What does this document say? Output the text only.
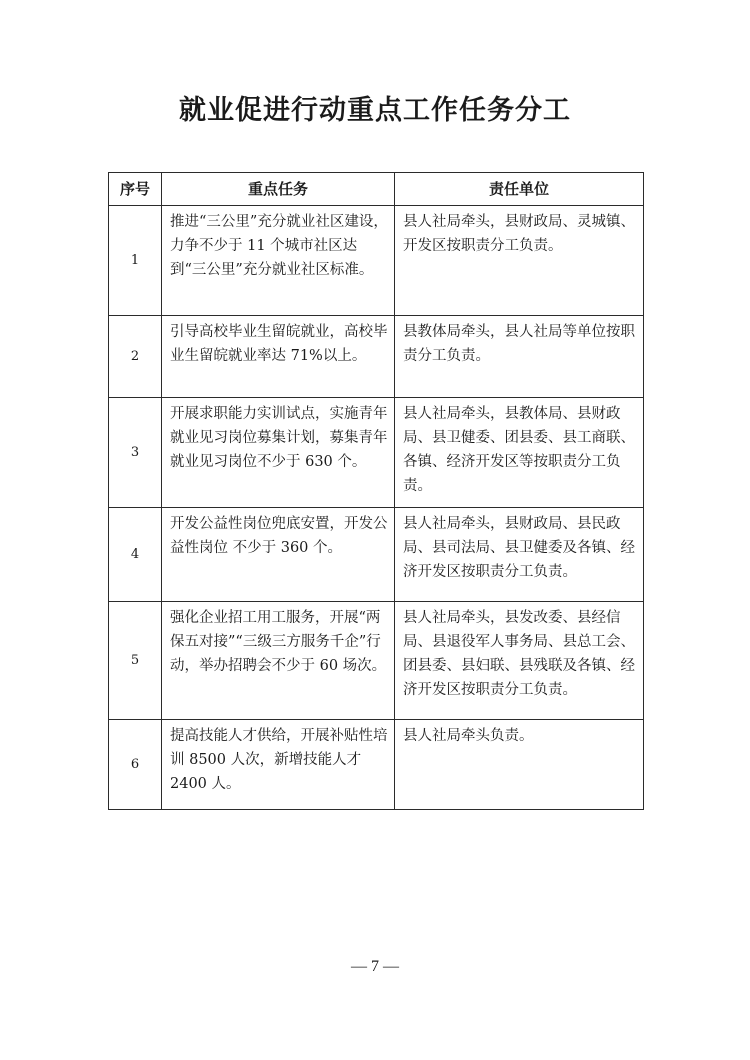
就业促进行动重点工作任务分工
序号	重点任务	责任单位
1	推进“三公里”充分就业社区建设，力争不少于 11 个城市社区达到“三公里”充分就业社区标准。	县人社局牵头，县财政局、灵城镇、开发区按职责分工负责。
2	引导高校毕业生留皖就业，高校毕业生留皖就业率达 71%以上。	县教体局牵头，县人社局等单位按职责分工负责。
3	开展求职能力实训试点，实施青年就业见习岗位募集计划，募集青年就业见习岗位不少于 630 个。	县人社局牵头，县教体局、县财政局、县卫健委、团县委、县工商联、各镇、经济开发区等按职责分工负责。
4	开发公益性岗位兜底安置，开发公益性岗位 不少于 360 个。	县人社局牵头，县财政局、县民政局、县司法局、县卫健委及各镇、经济开发区按职责分工负责。
5	强化企业招工用工服务，开展“两保五对接”“三级三方服务千企”行动，举办招聘会不少于 60 场次。	县人社局牵头，县发改委、县经信局、县退役军人事务局、县总工会、团县委、县妇联、县残联及各镇、经济开发区按职责分工负责。
6	提高技能人才供给，开展补贴性培训 8500 人次，新增技能人才 2400 人。	县人社局牵头负责。
— 7 —
